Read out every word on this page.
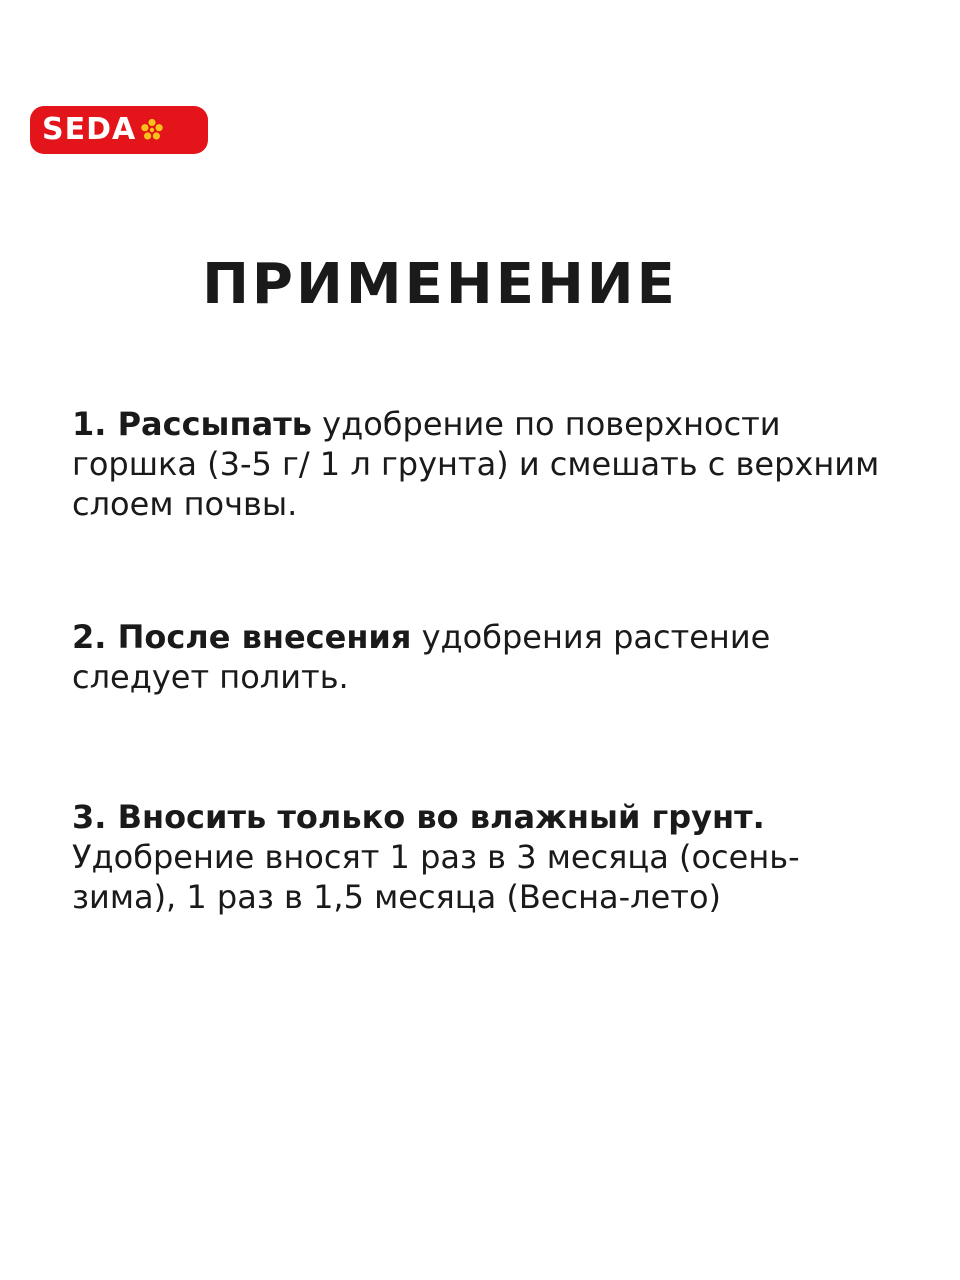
SEDA
ПРИМЕНЕНИЕ

1. Рассыпать удобрение по поверхности горшка (3-5 г/ 1 л грунта) и смешать с верхним слоем почвы.

2. После внесения удобрения растение следует полить.

3. Вносить только во влажный грунт. Удобрение вносят 1 раз в 3 месяца (осень-зима), 1 раз в 1,5 месяца (Весна-лето)
